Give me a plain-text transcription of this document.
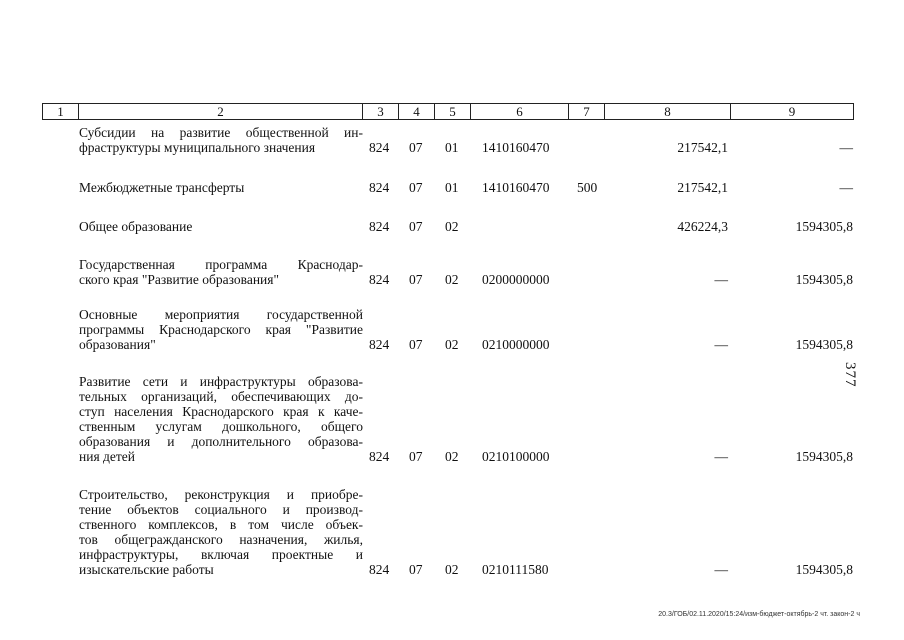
1	2	3	4	5	6	7	8	9
Субсидии на развитие общественной ин-
фраструктуры муниципального значения	824 07 01 1410160470	217542,1	—
Межбюджетные трансферты	824 07 01 1410160470 500	217542,1	—
Общее образование	824 07 02	426224,3	1594305,8
Государственная программа Краснодар-
ского края "Развитие образования"	824 07 02 0200000000	—	1594305,8
Основные мероприятия государственной
программы Краснодарского края "Развитие
образования"	824 07 02 0210000000	—	1594305,8
Развитие сети и инфраструктуры образова-
тельных организаций, обеспечивающих до-
ступ населения Краснодарского края к каче-
ственным услугам дошкольного, общего
образования и дополнительного образова-
ния детей	824 07 02 0210100000	—	1594305,8
Строительство, реконструкция и приобре-
тение объектов социального и производ-
ственного комплексов, в том числе объек-
тов общегражданского назначения, жилья,
инфраструктуры, включая проектные и
изыскательские работы	824 07 02 0210111580	—	1594305,8
377
20.3/ГОБ/02.11.2020/15:24/изм-бюджет-октябрь-2 чт. закон-2 ч
